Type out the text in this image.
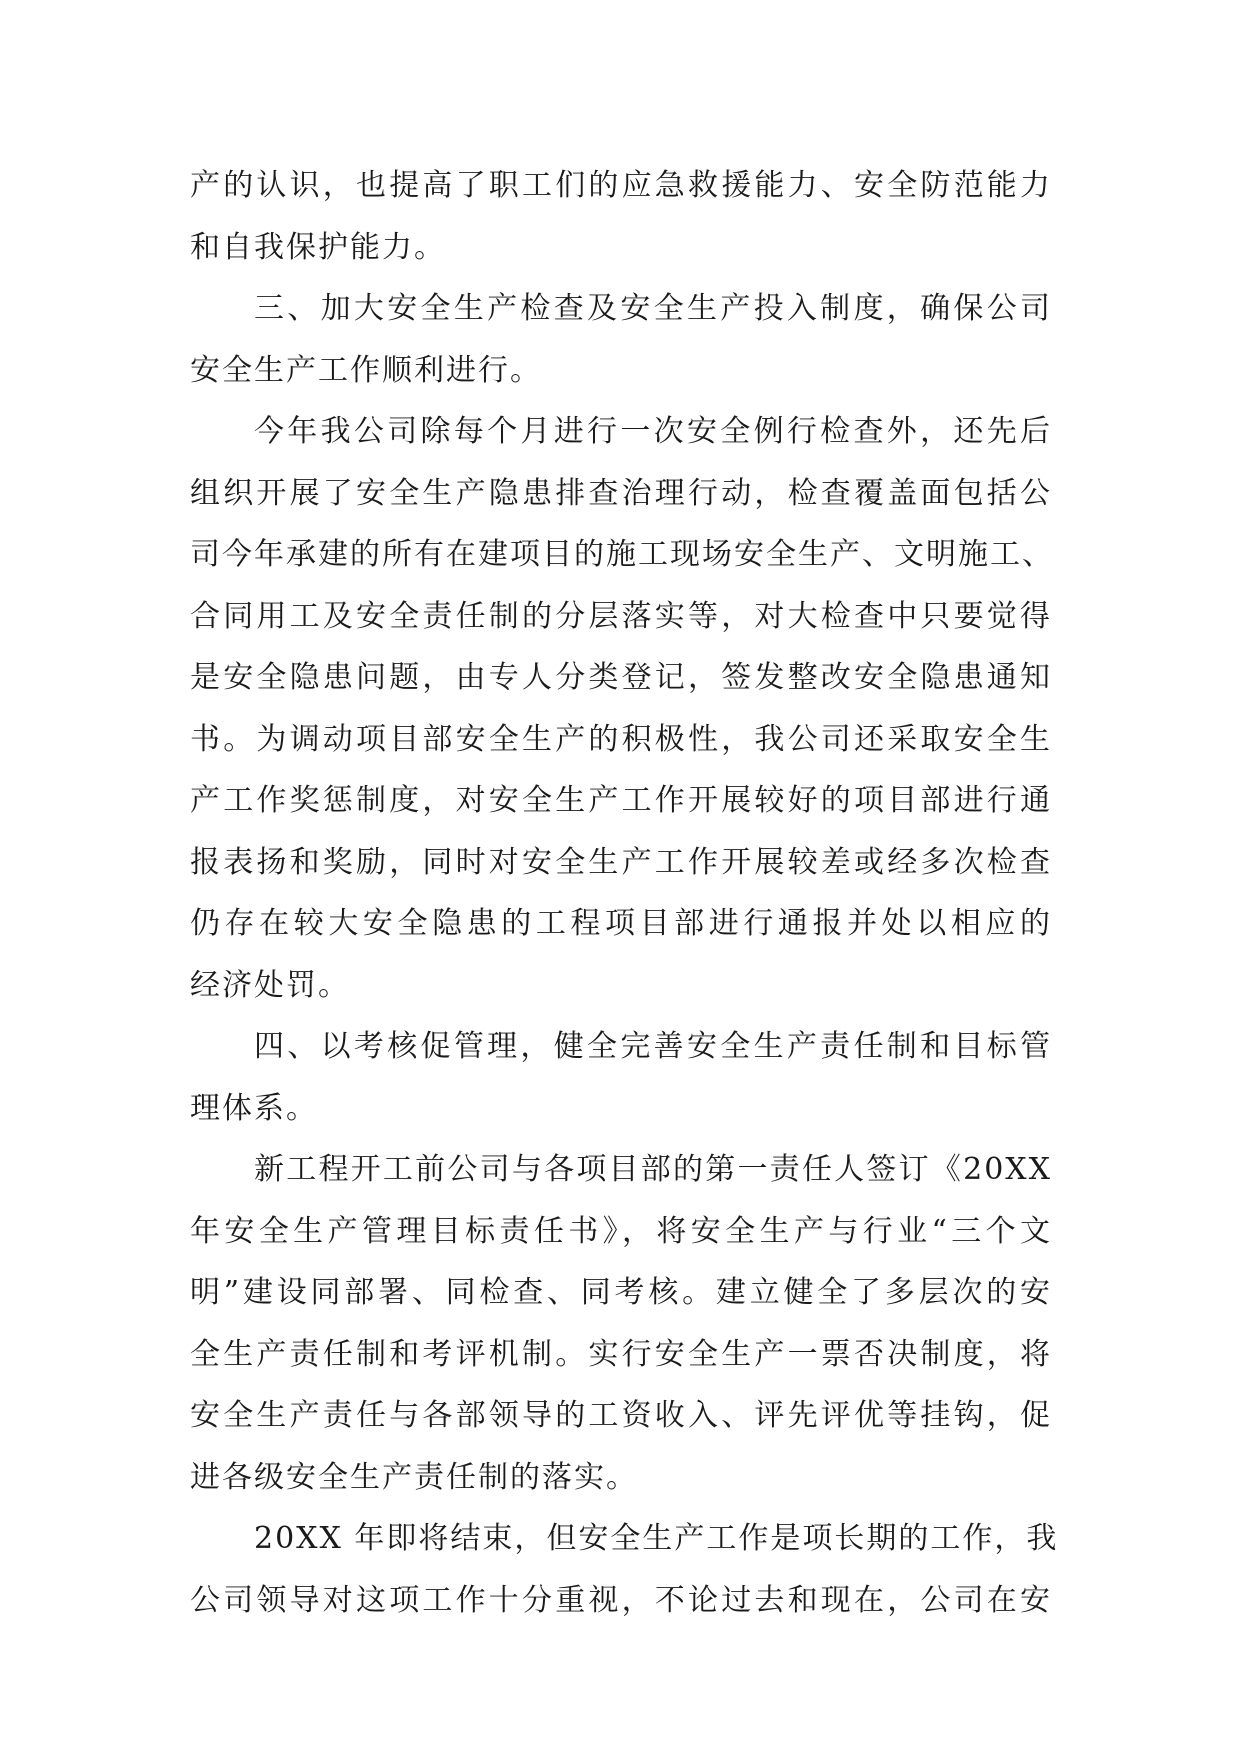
产的认识，也提高了职工们的应急救援能力、安全防范能力
和自我保护能力。
三、加大安全生产检查及安全生产投入制度，确保公司
安全生产工作顺利进行。
今年我公司除每个月进行一次安全例行检查外，还先后
组织开展了安全生产隐患排查治理行动，检查覆盖面包括公
司今年承建的所有在建项目的施工现场安全生产、文明施工、
合同用工及安全责任制的分层落实等，对大检查中只要觉得
是安全隐患问题，由专人分类登记，签发整改安全隐患通知
书。为调动项目部安全生产的积极性，我公司还采取安全生
产工作奖惩制度，对安全生产工作开展较好的项目部进行通
报表扬和奖励，同时对安全生产工作开展较差或经多次检查
仍存在较大安全隐患的工程项目部进行通报并处以相应的
经济处罚。
四、以考核促管理，健全完善安全生产责任制和目标管
理体系。
新工程开工前公司与各项目部的第一责任人签订《20XX
年安全生产管理目标责任书》，将安全生产与行业“三个文
明”建设同部署、同检查、同考核。建立健全了多层次的安
全生产责任制和考评机制。实行安全生产一票否决制度，将
安全生产责任与各部领导的工资收入、评先评优等挂钩，促
进各级安全生产责任制的落实。
20XX 年即将结束，但安全生产工作是项长期的工作，我
公司领导对这项工作十分重视，不论过去和现在，公司在安
